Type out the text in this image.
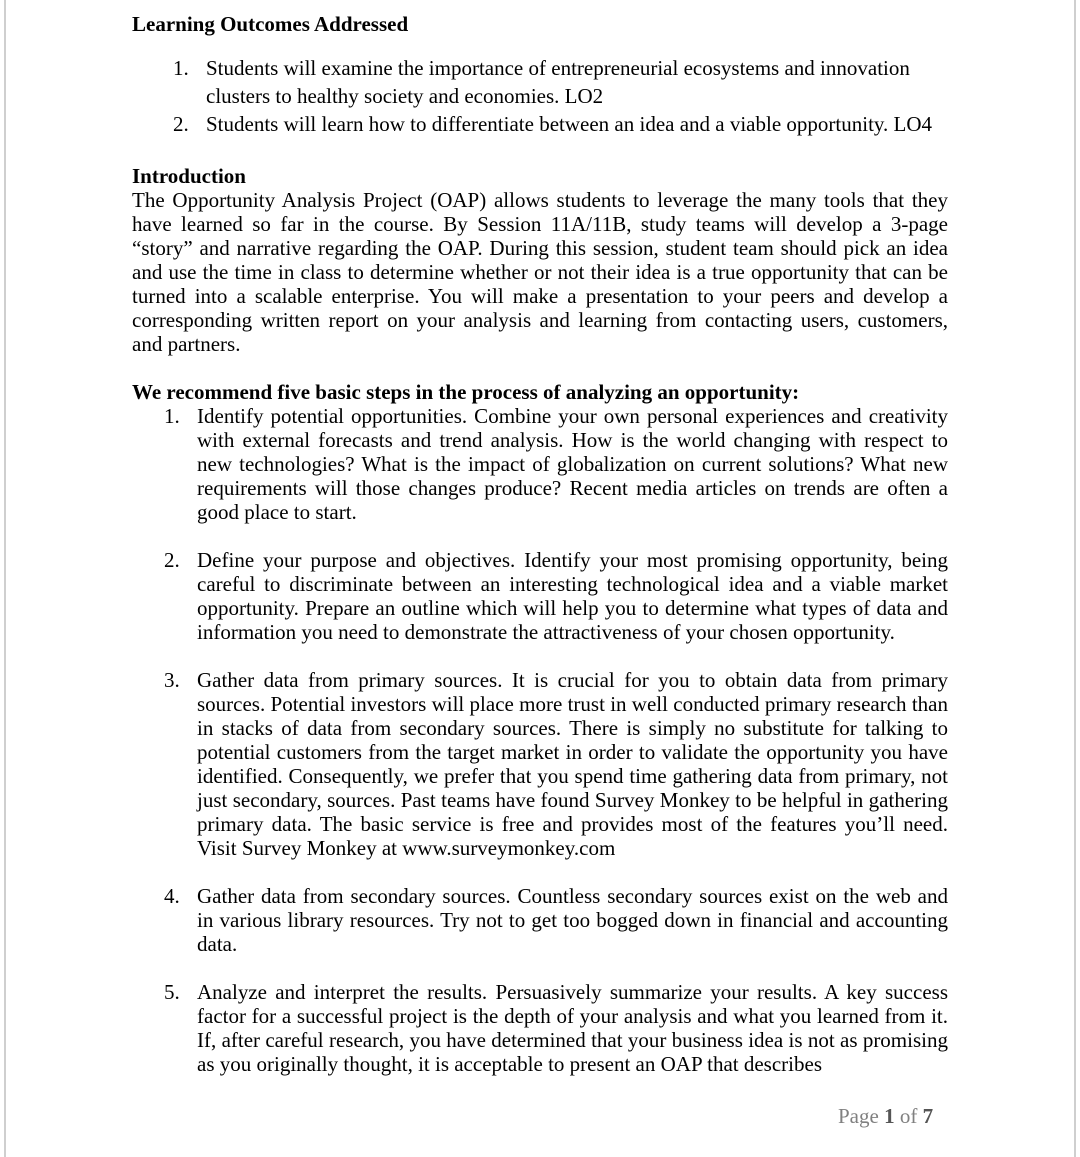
Learning Outcomes Addressed

1. Students will examine the importance of entrepreneurial ecosystems and innovation clusters to healthy society and economies. LO2
2. Students will learn how to differentiate between an idea and a viable opportunity. LO4

Introduction

The Opportunity Analysis Project (OAP) allows students to leverage the many tools that they have learned so far in the course. By Session 11A/11B, study teams will develop a 3-page “story” and narrative regarding the OAP. During this session, student team should pick an idea and use the time in class to determine whether or not their idea is a true opportunity that can be turned into a scalable enterprise. You will make a presentation to your peers and develop a corresponding written report on your analysis and learning from contacting users, customers, and partners.

We recommend five basic steps in the process of analyzing an opportunity:

1. Identify potential opportunities. Combine your own personal experiences and creativity with external forecasts and trend analysis. How is the world changing with respect to new technologies? What is the impact of globalization on current solutions? What new requirements will those changes produce? Recent media articles on trends are often a good place to start.
2. Define your purpose and objectives. Identify your most promising opportunity, being careful to discriminate between an interesting technological idea and a viable market opportunity. Prepare an outline which will help you to determine what types of data and information you need to demonstrate the attractiveness of your chosen opportunity.
3. Gather data from primary sources. It is crucial for you to obtain data from primary sources. Potential investors will place more trust in well conducted primary research than in stacks of data from secondary sources. There is simply no substitute for talking to potential customers from the target market in order to validate the opportunity you have identified. Consequently, we prefer that you spend time gathering data from primary, not just secondary, sources. Past teams have found Survey Monkey to be helpful in gathering primary data. The basic service is free and provides most of the features you’ll need. Visit Survey Monkey at www.surveymonkey.com
4. Gather data from secondary sources. Countless secondary sources exist on the web and in various library resources. Try not to get too bogged down in financial and accounting data.
5. Analyze and interpret the results. Persuasively summarize your results. A key success factor for a successful project is the depth of your analysis and what you learned from it. If, after careful research, you have determined that your business idea is not as promising as you originally thought, it is acceptable to present an OAP that describes
Page 1 of 7
